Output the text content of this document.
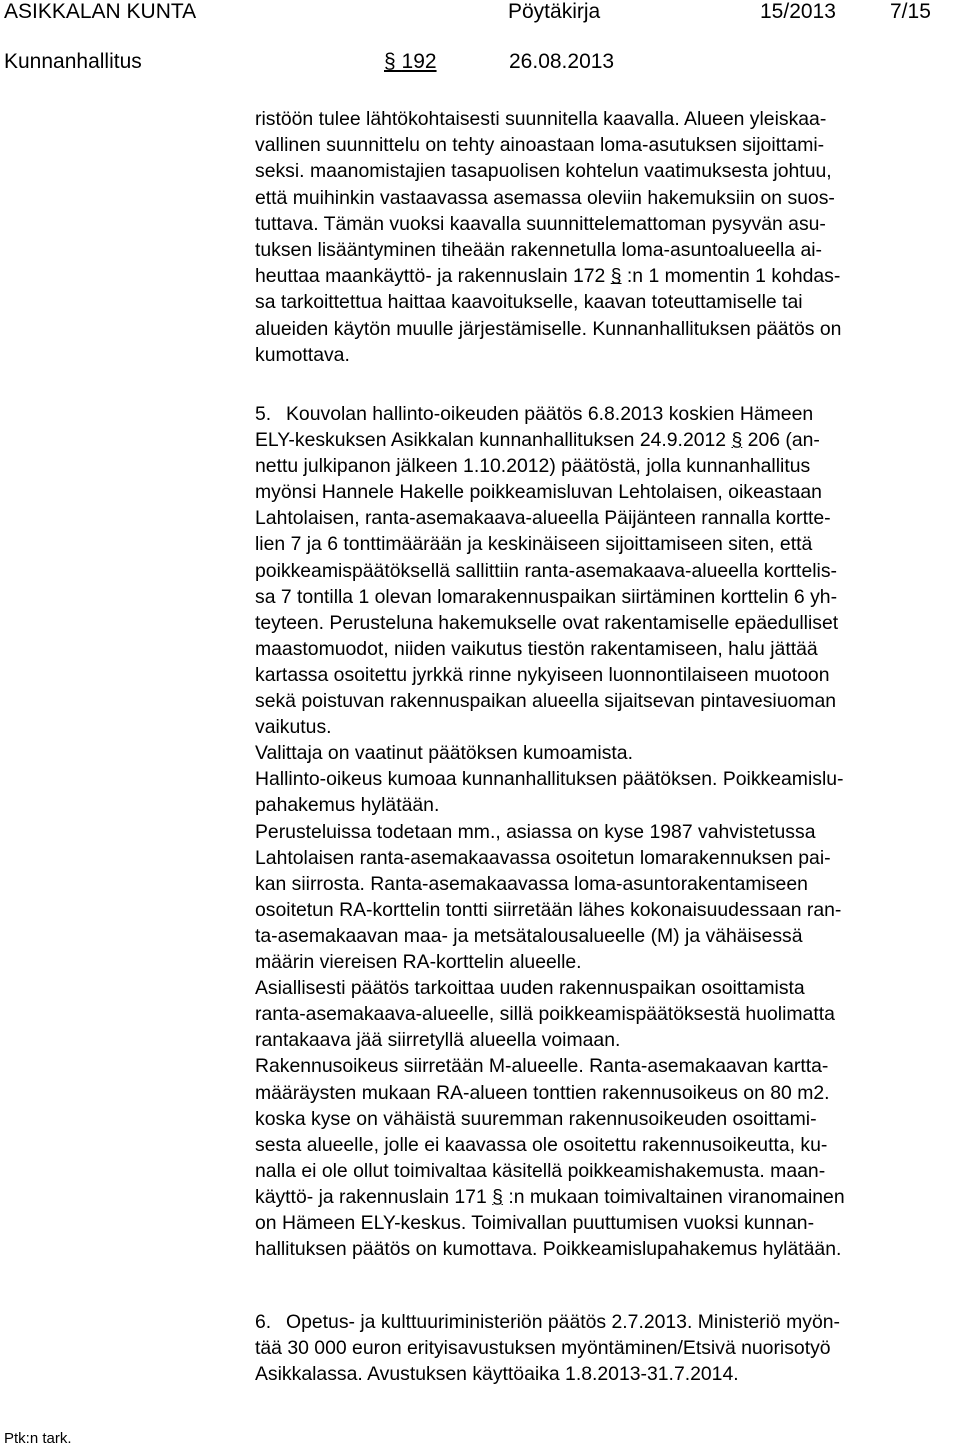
ASIKKALAN KUNTA	Pöytäkirja	15/2013	7/15
Kunnanhallitus	§ 192	26.08.2013
ristöön tulee lähtökohtaisesti suunnitella kaavalla. Alueen yleiskaa-
vallinen suunnittelu on tehty ainoastaan loma-asutuksen sijoittami-
seksi. maanomistajien tasapuolisen kohtelun vaatimuksesta johtuu,
että muihinkin vastaavassa asemassa oleviin hakemuksiin on suos-
tuttava. Tämän vuoksi kaavalla suunnittelemattoman pysyvän asu-
tuksen lisääntyminen tiheään rakennetulla loma-asuntoalueella ai-
heuttaa maankäyttö- ja rakennuslain 172 § :n 1 momentin 1 kohdas-
sa tarkoittettua haittaa kaavoitukselle, kaavan toteuttamiselle tai
alueiden käytön muulle järjestämiselle. Kunnanhallituksen päätös on
kumottava.
5. Kouvolan hallinto-oikeuden päätös 6.8.2013 koskien Hämeen
ELY-keskuksen Asikkalan kunnanhallituksen 24.9.2012 § 206 (an-
nettu julkipanon jälkeen 1.10.2012) päätöstä, jolla kunnanhallitus
myönsi Hannele Hakelle poikkeamisluvan Lehtolaisen, oikeastaan
Lahtolaisen, ranta-asemakaava-alueella Päijänteen rannalla kortte-
lien 7 ja 6 tonttimäärään ja keskinäiseen sijoittamiseen siten, että
poikkeamispäätöksellä sallittiin ranta-asemakaava-alueella korttelis-
sa 7 tontilla 1 olevan lomarakennuspaikan siirtäminen korttelin 6 yh-
teyteen. Perusteluna hakemukselle ovat rakentamiselle epäedulliset
maastomuodot, niiden vaikutus tiestön rakentamiseen, halu jättää
kartassa osoitettu jyrkkä rinne nykyiseen luonnontilaiseen muotoon
sekä poistuvan rakennuspaikan alueella sijaitsevan pintavesiuoman
vaikutus.
Valittaja on vaatinut päätöksen kumoamista.
Hallinto-oikeus kumoaa kunnanhallituksen päätöksen. Poikkeamislu-
pahakemus hylätään.
Perusteluissa todetaan mm., asiassa on kyse 1987 vahvistetussa
Lahtolaisen ranta-asemakaavassa osoitetun lomarakennuksen pai-
kan siirrosta. Ranta-asemakaavassa loma-asuntorakentamiseen
osoitetun RA-korttelin tontti siirretään lähes kokonaisuudessaan ran-
ta-asemakaavan maa- ja metsätalousalueelle (M) ja vähäisessä
määrin viereisen RA-korttelin alueelle.
Asiallisesti päätös tarkoittaa uuden rakennuspaikan osoittamista
ranta-asemakaava-alueelle, sillä poikkeamispäätöksestä huolimatta
rantakaava jää siirretyllä alueella voimaan.
Rakennusoikeus siirretään M-alueelle. Ranta-asemakaavan kartta-
määräysten mukaan RA-alueen tonttien rakennusoikeus on 80 m2.
koska kyse on vähäistä suuremman rakennusoikeuden osoittami-
sesta alueelle, jolle ei kaavassa ole osoitettu rakennusoikeutta, ku-
nalla ei ole ollut toimivaltaa käsitellä poikkeamishakemusta. maan-
käyttö- ja rakennuslain 171 § :n mukaan toimivaltainen viranomainen
on Hämeen ELY-keskus. Toimivallan puuttumisen vuoksi kunnan-
hallituksen päätös on kumottava. Poikkeamislupahakemus hylätään.
6. Opetus- ja kulttuuriministeriön päätös 2.7.2013. Ministeriö myön-
tää 30 000 euron erityisavustuksen myöntäminen/Etsivä nuorisotyö
Asikkalassa. Avustuksen käyttöaika 1.8.2013-31.7.2014.
Ptk:n tark.
